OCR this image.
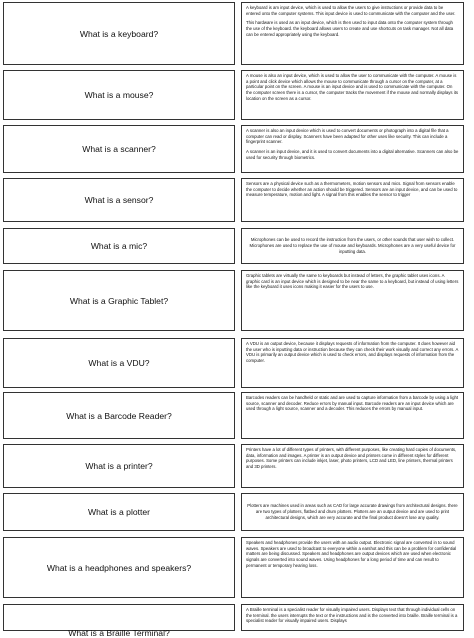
What is a keyboard?

A keyboard is am input device, which is used to allow the users to give instructions or provide data to be entered onto the computer systems. This input device is used to communicate with the computer and the user.

This hardware is used as an input device, which is then used to input data onto the computer system through the use of the keyboard. the keyboard allows users to create and use shortcuts on task manager. Not all data can be entered appropriately using the keyboard.

What is a mouse?

A mouse is also an input device, which is used to allow the user to communicate with the computer. A mouse is a point and click device which allows the mouse to communicate through a cursor on the computer, at a particular point on the screen. A mouse is an input device and is used to communicate with the computer. On the computer screen there is a cursor, the computer tracks the movement if the mouse and normally displays its location on the screen as a cursor.

What is a scanner?

A scanner is also an input device which is used to convert documents or photograph into a digital file that a computer can read or display. Scanners have been adapted for other uses like security. This can include a fingerprint scanner.

A scanner is an input device, and it is used to convert documents into a digital alternative. Scanners can also be used for security through biometrics.

What is a sensor?

Sensors are a physical device such as a thermometers, motion sensors and mics. Signal from sensors enable the computer to decide whether an action should be triggered. Sensors are an input device, and can be used to measure temperature, motion and light. A signal from this enables the sensor to trigger

What is a mic?

Microphones can be used to record the instruction from the users, or other sounds that user wish to collect. Microphones are used to replace the use of mouse and keyboards. Microphones are a very useful device for inputting data.

What is a Graphic Tablet?

Graphic tablets are virtually the same to keyboards but instead of letters, the graphic tablet uses icons. A graphic card is an input device which is designed to be near the same to a keyboard, but instead of using letters like the keyboard it uses icons making it easier for the users to use.

What is a VDU?

A VDU is an output device, because it displays requests of information from the computer. It does however aid the user who is inputting data or instruction because they can check their work visually and correct any errors. A VDU is primarily an output device which is used to check errors, and displays requests of information from the computer.

What is a Barcode Reader?

Barcodes readers can be handheld or static and are used to capture information from a barcode by using a light source, scanner and decoder. Reduce errors by manual input. Barcode readers are an input device which are used through a light source, scanner and a decoder. This reduces the errors by manual input.

What is a printer?

Printers have a lot of different types of printers, with different purposes, like creating hard copies of documents, data, information and images. A printer is an output device and printers come in different styles for different purposes. Some printers can include inkjet, laser, photo printers, LCD and LED, line printers, thermal printers and 3D printers.

What is a plotter

Plotters are machines used in areas such as CAD for large accurate drawings from architectural designs. there are two types of plotters, flatbed and drum plotters. Plotters are an output device and are used to print architectural designs, which are very accurate and the final product doesn't lose any quality.

What is a headphones and speakers?

Speakers and headphones provide the users with an audio output. Electronic signal are converted in to sound waves. Speakers are used to broadcast to everyone within a earshot and this can be a problem for confidential matters are being discussed. Speakers and headphones are output devices which are used when electronic signals are converted into sound waves. Using headphones for a long period of time and can result to permanent or temporary hearing loss.

What is a Braille Terminal?

A Braille terminal is a specialist reader for visually impaired users. Displays text that through individual cells on the terminal. the users interrupts the text or the instructions and is the converted into braille. Braille terminal is a specialist reader for visually impaired users. Displays
